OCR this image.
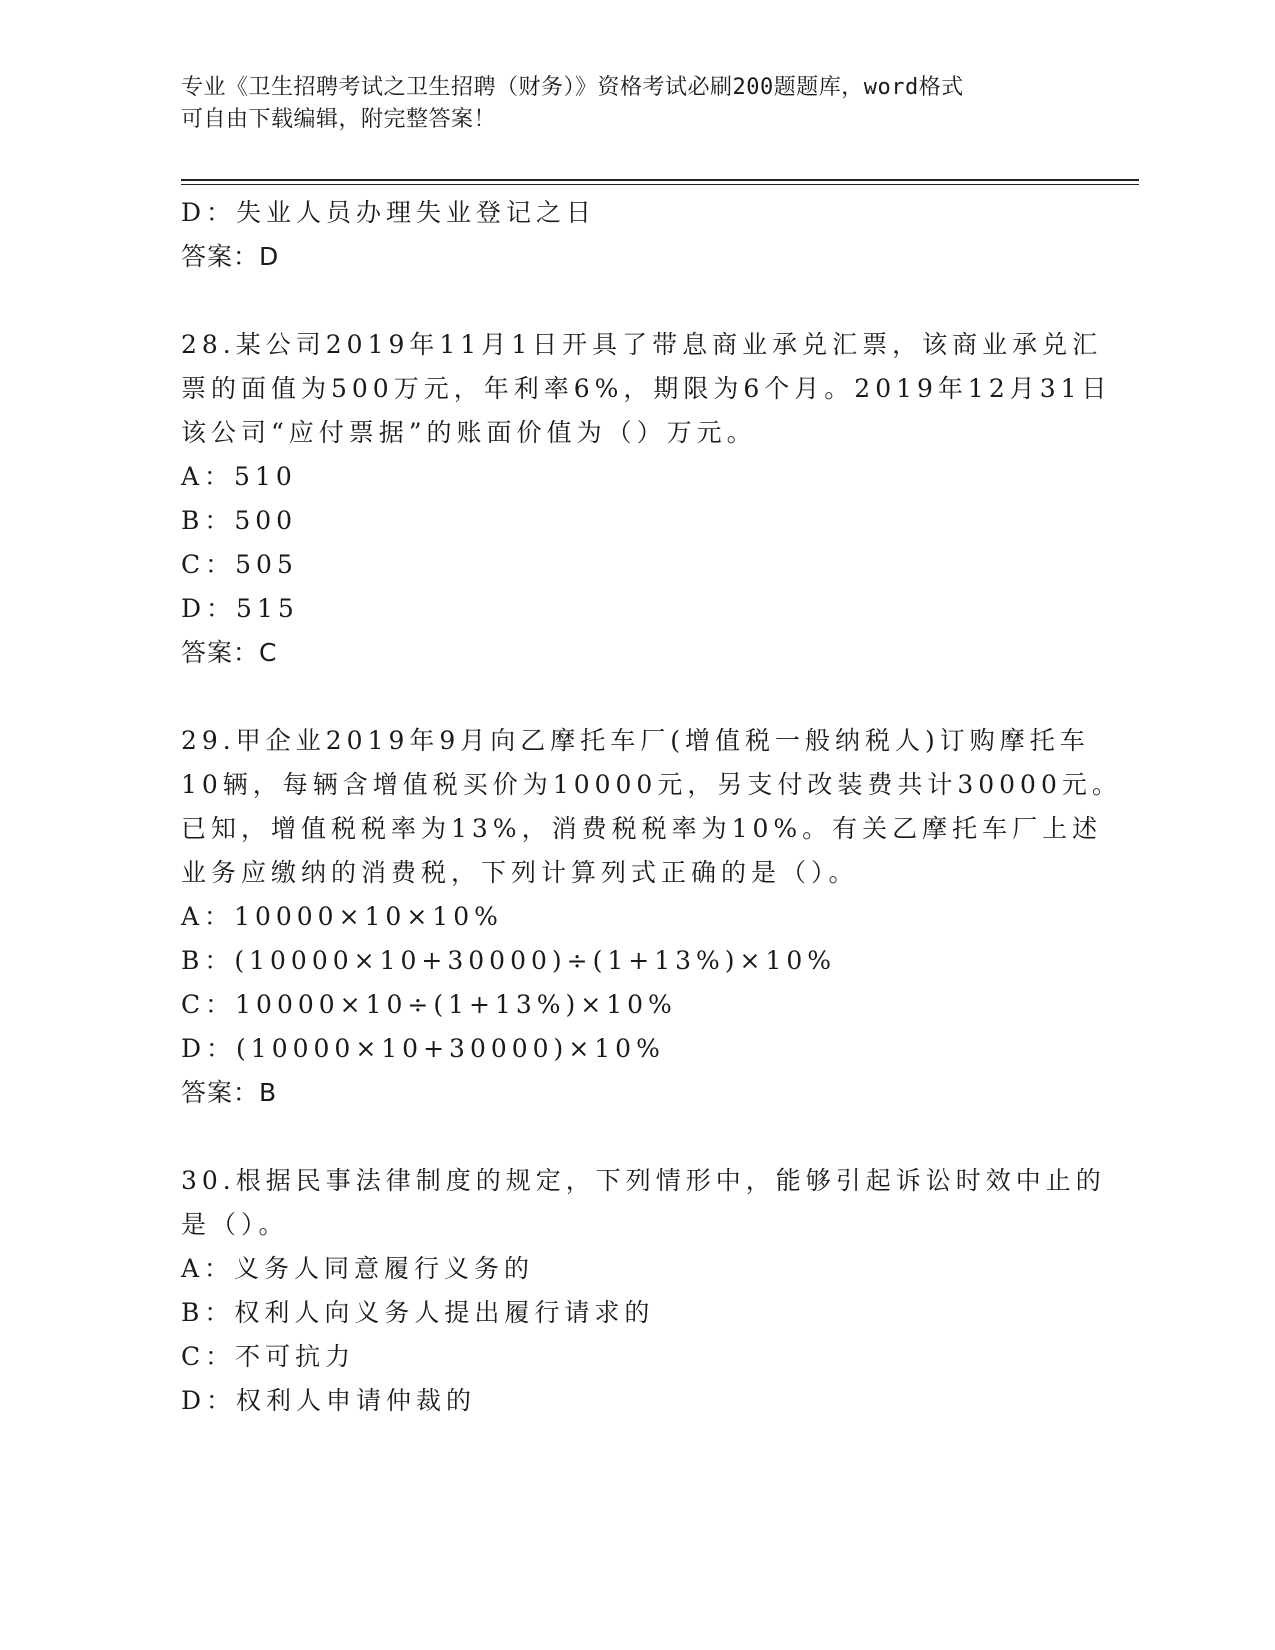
专业《卫生招聘考试之卫生招聘（财务）》资格考试必刷200题题库，word格式
可自由下载编辑，附完整答案！
D：失业人员办理失业登记之日
答案：D
28.某公司2019年11月1日开具了带息商业承兑汇票，该商业承兑汇
票的面值为500万元，年利率6%，期限为6个月。2019年12月31日
该公司“应付票据”的账面价值为（）万元。
A：510
B：500
C：505
D：515
答案：C
29.甲企业2019年9月向乙摩托车厂(增值税一般纳税人)订购摩托车
10辆，每辆含增值税买价为10000元，另支付改装费共计30000元。
已知，增值税税率为13%，消费税税率为10%。有关乙摩托车厂上述
业务应缴纳的消费税，下列计算列式正确的是（）。
A：10000×10×10%
B：(10000×10+30000)÷(1+13%)×10%
C：10000×10÷(1+13%)×10%
D：(10000×10+30000)×10%
答案：B
30.根据民事法律制度的规定，下列情形中，能够引起诉讼时效中止的
是（）。
A：义务人同意履行义务的
B：权利人向义务人提出履行请求的
C：不可抗力
D：权利人申请仲裁的
